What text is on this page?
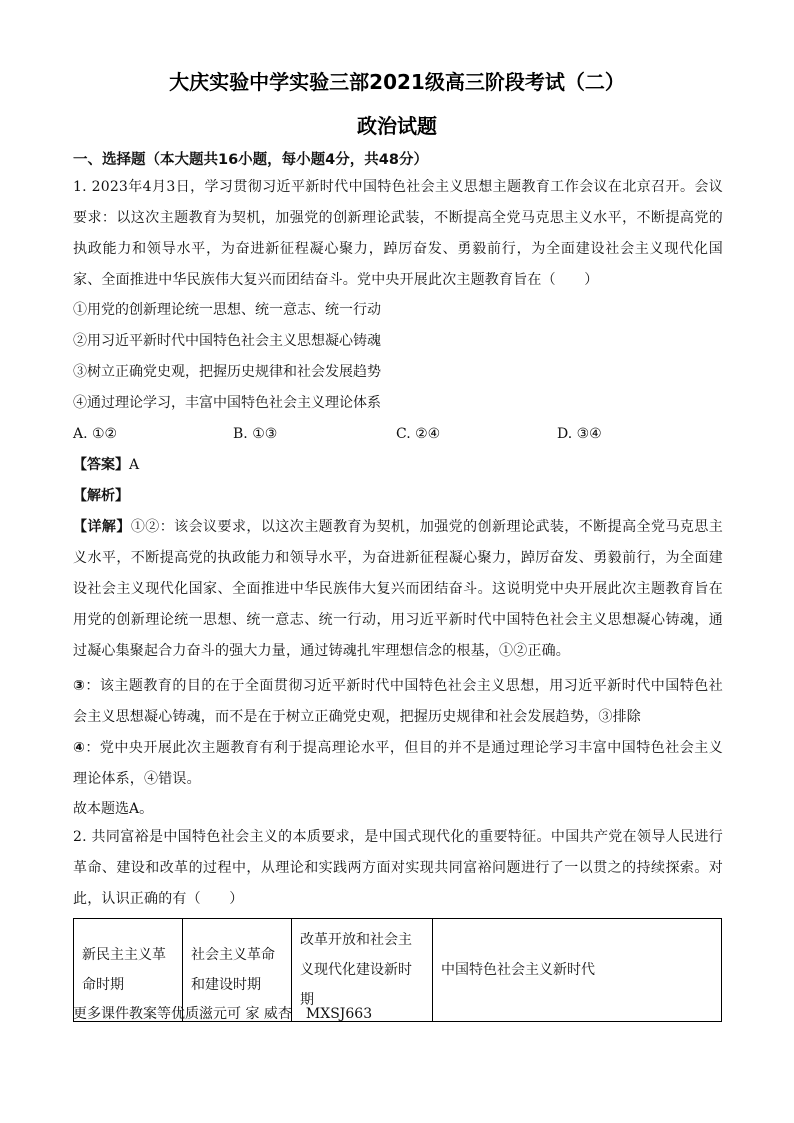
大庆实验中学实验三部2021级高三阶段考试（二）
政治试题
一、选择题（本大题共16小题，每小题4分，共48分）
1. 2023年4月3日，学习贯彻习近平新时代中国特色社会主义思想主题教育工作会议在北京召开。会议要求：以这次主题教育为契机，加强党的创新理论武装，不断提高全党马克思主义水平，不断提高党的执政能力和领导水平，为奋进新征程凝心聚力，踔厉奋发、勇毅前行，为全面建设社会主义现代化国家、全面推进中华民族伟大复兴而团结奋斗。党中央开展此次主题教育旨在（　　）
①用党的创新理论统一思想、统一意志、统一行动
②用习近平新时代中国特色社会主义思想凝心铸魂
③树立正确党史观，把握历史规律和社会发展趋势
④通过理论学习，丰富中国特色社会主义理论体系
A. ①②	B. ①③	C. ②④	D. ③④
【答案】A
【解析】
【详解】①②：该会议要求，以这次主题教育为契机，加强党的创新理论武装，不断提高全党马克思主义水平，不断提高党的执政能力和领导水平，为奋进新征程凝心聚力，踔厉奋发、勇毅前行，为全面建设社会主义现代化国家、全面推进中华民族伟大复兴而团结奋斗。这说明党中央开展此次主题教育旨在用党的创新理论统一思想、统一意志、统一行动，用习近平新时代中国特色社会主义思想凝心铸魂，通过凝心集聚起合力奋斗的强大力量，通过铸魂扎牢理想信念的根基，①②正确。
③：该主题教育的目的在于全面贯彻习近平新时代中国特色社会主义思想，用习近平新时代中国特色社会主义思想凝心铸魂，而不是在于树立正确党史观，把握历史规律和社会发展趋势，③排除
④：党中央开展此次主题教育有利于提高理论水平，但目的并不是通过理论学习丰富中国特色社会主义理论体系，④错误。
故本题选A。
2. 共同富裕是中国特色社会主义的本质要求，是中国式现代化的重要特征。中国共产党在领导人民进行革命、建设和改革的过程中，从理论和实践两方面对实现共同富裕问题进行了一以贯之的持续探索。对此，认识正确的有（　　）
新民主主义革命时期	社会主义革命和建设时期	改革开放和社会主义现代化建设新时期	中国特色社会主义新时代
更多课件教案等优质滋元可 家 威杏　MXSJ663
